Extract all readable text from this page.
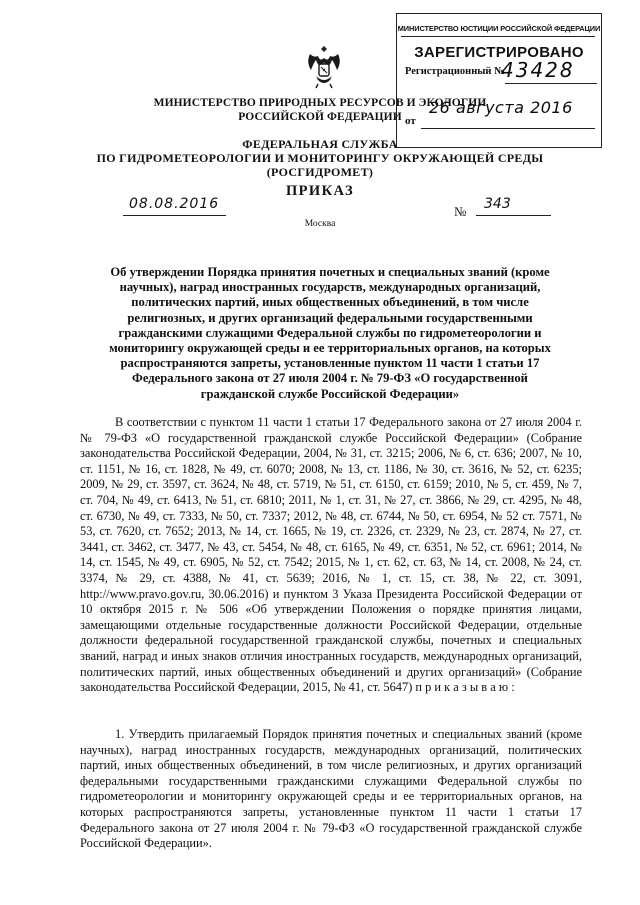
МИНИСТЕРСТВО ЮСТИЦИИ РОССИЙСКОЙ ФЕДЕРАЦИИ
ЗАРЕГИСТРИРОВАНО
Регистрационный №
43428
от
26 августа 2016
МИНИСТЕРСТВО ПРИРОДНЫХ РЕСУРСОВ И ЭКОЛОГИИ
РОССИЙСКОЙ ФЕДЕРАЦИИ
ФЕДЕРАЛЬНАЯ СЛУЖБА
ПО ГИДРОМЕТЕОРОЛОГИИ И МОНИТОРИНГУ ОКРУЖАЮЩЕЙ СРЕДЫ
(РОСГИДРОМЕТ)
ПРИКАЗ
08.08.2016	№ 343
Москва
Об утверждении Порядка принятия почетных и специальных званий (кроме научных), наград иностранных государств, международных организаций, политических партий, иных общественных объединений, в том числе религиозных, и других организаций федеральными государственными гражданскими служащими Федеральной службы по гидрометеорологии и мониторингу окружающей среды и ее территориальных органов, на которых распространяются запреты, установленные пунктом 11 части 1 статьи 17 Федерального закона от 27 июля 2004 г. № 79-ФЗ «О государственной гражданской службе Российской Федерации»
В соответствии с пунктом 11 части 1 статьи 17 Федерального закона от 27 июля 2004 г. № 79-ФЗ «О государственной гражданской службе Российской Федерации» (Собрание законодательства Российской Федерации, 2004, № 31, ст. 3215; 2006, № 6, ст. 636; 2007, № 10, ст. 1151, № 16, ст. 1828, № 49, ст. 6070; 2008, № 13, ст. 1186, № 30, ст. 3616, № 52, ст. 6235; 2009, № 29, ст. 3597, ст. 3624, № 48, ст. 5719, № 51, ст. 6150, ст. 6159; 2010, № 5, ст. 459, № 7, ст. 704, № 49, ст. 6413, № 51, ст. 6810; 2011, № 1, ст. 31, № 27, ст. 3866, № 29, ст. 4295, № 48, ст. 6730, № 49, ст. 7333, № 50, ст. 7337; 2012, № 48, ст. 6744, № 50, ст. 6954, № 52 ст. 7571, № 53, ст. 7620, ст. 7652; 2013, № 14, ст. 1665, № 19, ст. 2326, ст. 2329, № 23, ст. 2874, № 27, ст. 3441, ст. 3462, ст. 3477, № 43, ст. 5454, № 48, ст. 6165, № 49, ст. 6351, № 52, ст. 6961; 2014, № 14, ст. 1545, № 49, ст. 6905, № 52, ст. 7542; 2015, № 1, ст. 62, ст. 63, № 14, ст. 2008, № 24, ст. 3374, № 29, ст. 4388, № 41, ст. 5639; 2016, № 1, ст. 15, ст. 38, № 22, ст. 3091, http://www.pravo.gov.ru, 30.06.2016) и пунктом 3 Указа Президента Российской Федерации от 10 октября 2015 г. № 506 «Об утверждении Положения о порядке принятия лицами, замещающими отдельные государственные должности Российской Федерации, отдельные должности федеральной государственной гражданской службы, почетных и специальных званий, наград и иных знаков отличия иностранных государств, международных организаций, политических партий, иных общественных объединений и других организаций» (Собрание законодательства Российской Федерации, 2015, № 41, ст. 5647) п р и к а з ы в а ю :
1. Утвердить прилагаемый Порядок принятия почетных и специальных званий (кроме научных), наград иностранных государств, международных организаций, политических партий, иных общественных объединений, в том числе религиозных, и других организаций федеральными государственными гражданскими служащими Федеральной службы по гидрометеорологии и мониторингу окружающей среды и ее территориальных органов, на которых распространяются запреты, установленные пунктом 11 части 1 статьи 17 Федерального закона от 27 июля 2004 г. № 79-ФЗ «О государственной гражданской службе Российской Федерации».
